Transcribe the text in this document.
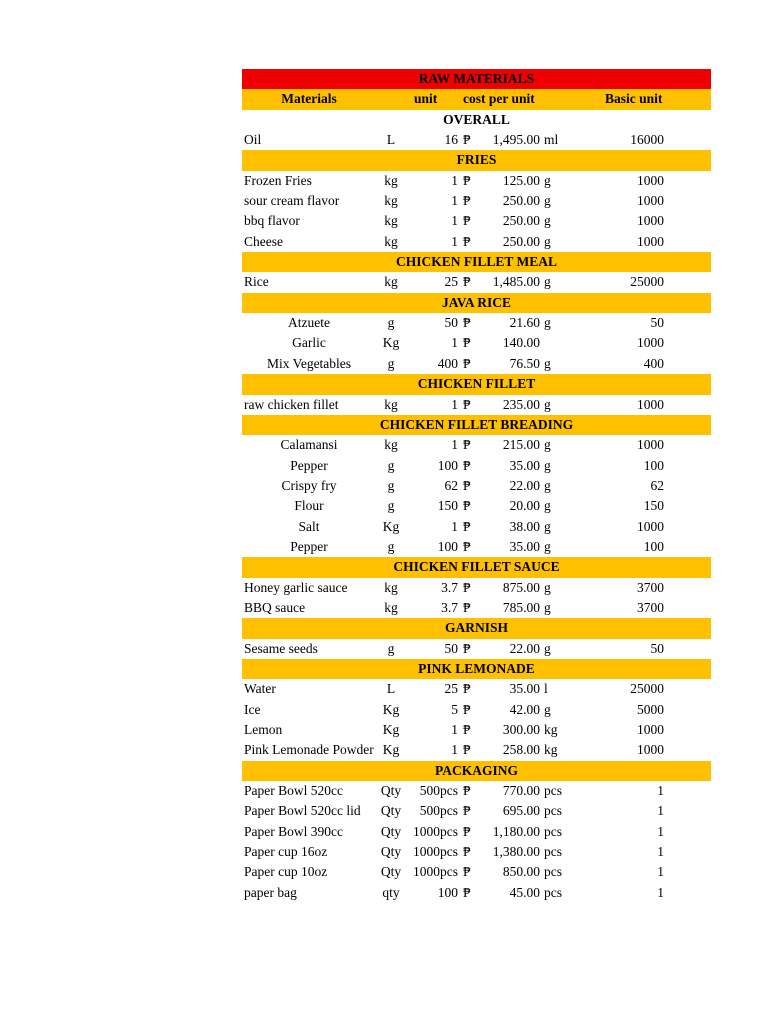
RAW MATERIALS
Materials	unit cost per unit	Basic unit
OVERALL
Oil	L	16 ₱	1,495.00 ml	16000
FRIES
Frozen Fries	kg	1 ₱	125.00 g	1000
sour cream flavor	kg	1 ₱	250.00 g	1000
bbq flavor	kg	1 ₱	250.00 g	1000
Cheese	kg	1 ₱	250.00 g	1000
CHICKEN FILLET MEAL
Rice	kg	25 ₱	1,485.00 g	25000
JAVA RICE
Atzuete	g	50 ₱	21.60 g	50
Garlic	Kg	1 ₱	140.00	1000
Mix Vegetables	g	400 ₱	76.50 g	400
CHICKEN FILLET
raw chicken fillet	kg	1 ₱	235.00 g	1000
CHICKEN FILLET BREADING
Calamansi	kg	1 ₱	215.00 g	1000
Pepper	g	100 ₱	35.00 g	100
Crispy fry	g	62 ₱	22.00 g	62
Flour	g	150 ₱	20.00 g	150
Salt	Kg	1 ₱	38.00 g	1000
Pepper	g	100 ₱	35.00 g	100
CHICKEN FILLET SAUCE
Honey garlic sauce	kg	3.7 ₱	875.00 g	3700
BBQ sauce	kg	3.7 ₱	785.00 g	3700
GARNISH
Sesame seeds	g	50 ₱	22.00 g	50
PINK LEMONADE
Water	L	25 ₱	35.00 l	25000
Ice	Kg	5 ₱	42.00 g	5000
Lemon	Kg	1 ₱	300.00 kg	1000
Pink Lemonade Powder Kg	1 ₱	258.00 kg	1000
PACKAGING
Paper Bowl 520cc	Qty	500pcs ₱	770.00 pcs	1
Paper Bowl 520cc lid	Qty	500pcs ₱	695.00 pcs	1
Paper Bowl 390cc	Qty 1000pcs ₱	1,180.00 pcs	1
Paper cup 16oz	Qty 1000pcs ₱	1,380.00 pcs	1
Paper cup 10oz	Qty 1000pcs ₱	850.00 pcs	1
paper bag	qty	100 ₱	45.00 pcs	1
